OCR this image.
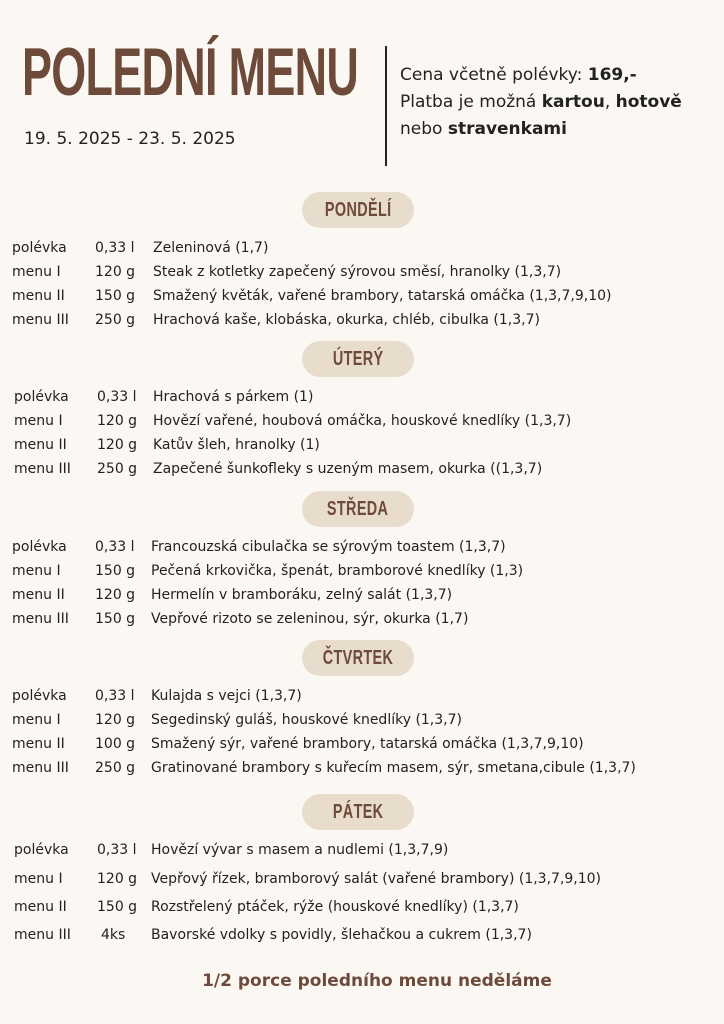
POLEDNÍ MENU
19. 5. 2025 - 23. 5. 2025
Cena včetně polévky: 169,-
Platba je možná kartou, hotově
nebo stravenkami
PONDĚLÍ
polévka 0,33 l Zeleninová (1,7)
menu I 120 g Steak z kotletky zapečený sýrovou směsí, hranolky (1,3,7)
menu II 150 g Smažený květák, vařené brambory, tatarská omáčka (1,3,7,9,10)
menu III 250 g Hrachová kaše, klobáska, okurka, chléb, cibulka (1,3,7)
ÚTERÝ
polévka 0,33 l Hrachová s párkem (1)
menu I 120 g Hovězí vařené, houbová omáčka, houskové knedlíky (1,3,7)
menu II 120 g Katův šleh, hranolky (1)
menu III 250 g Zapečené šunkofleky s uzeným masem, okurka ((1,3,7)
STŘEDA
polévka 0,33 l Francouzská cibulačka se sýrovým toastem (1,3,7)
menu I 150 g Pečená krkovička, špenát, bramborové knedlíky (1,3)
menu II 120 g Hermelín v bramboráku, zelný salát (1,3,7)
menu III 150 g Vepřové rizoto se zeleninou, sýr, okurka (1,7)
ČTVRTEK
polévka 0,33 l Kulajda s vejci (1,3,7)
menu I 120 g Segedinský guláš, houskové knedlíky (1,3,7)
menu II 100 g Smažený sýr, vařené brambory, tatarská omáčka (1,3,7,9,10)
menu III 250 g Gratinované brambory s kuřecím masem, sýr, smetana,cibule (1,3,7)
PÁTEK
polévka 0,33 l Hovězí vývar s masem a nudlemi (1,3,7,9)
menu I 120 g Vepřový řízek, bramborový salát (vařené brambory) (1,3,7,9,10)
menu II 150 g Rozstřelený ptáček, rýže (houskové knedlíky) (1,3,7)
menu III 4ks Bavorské vdolky s povidly, šlehačkou a cukrem (1,3,7)
1/2 porce poledního menu neděláme
